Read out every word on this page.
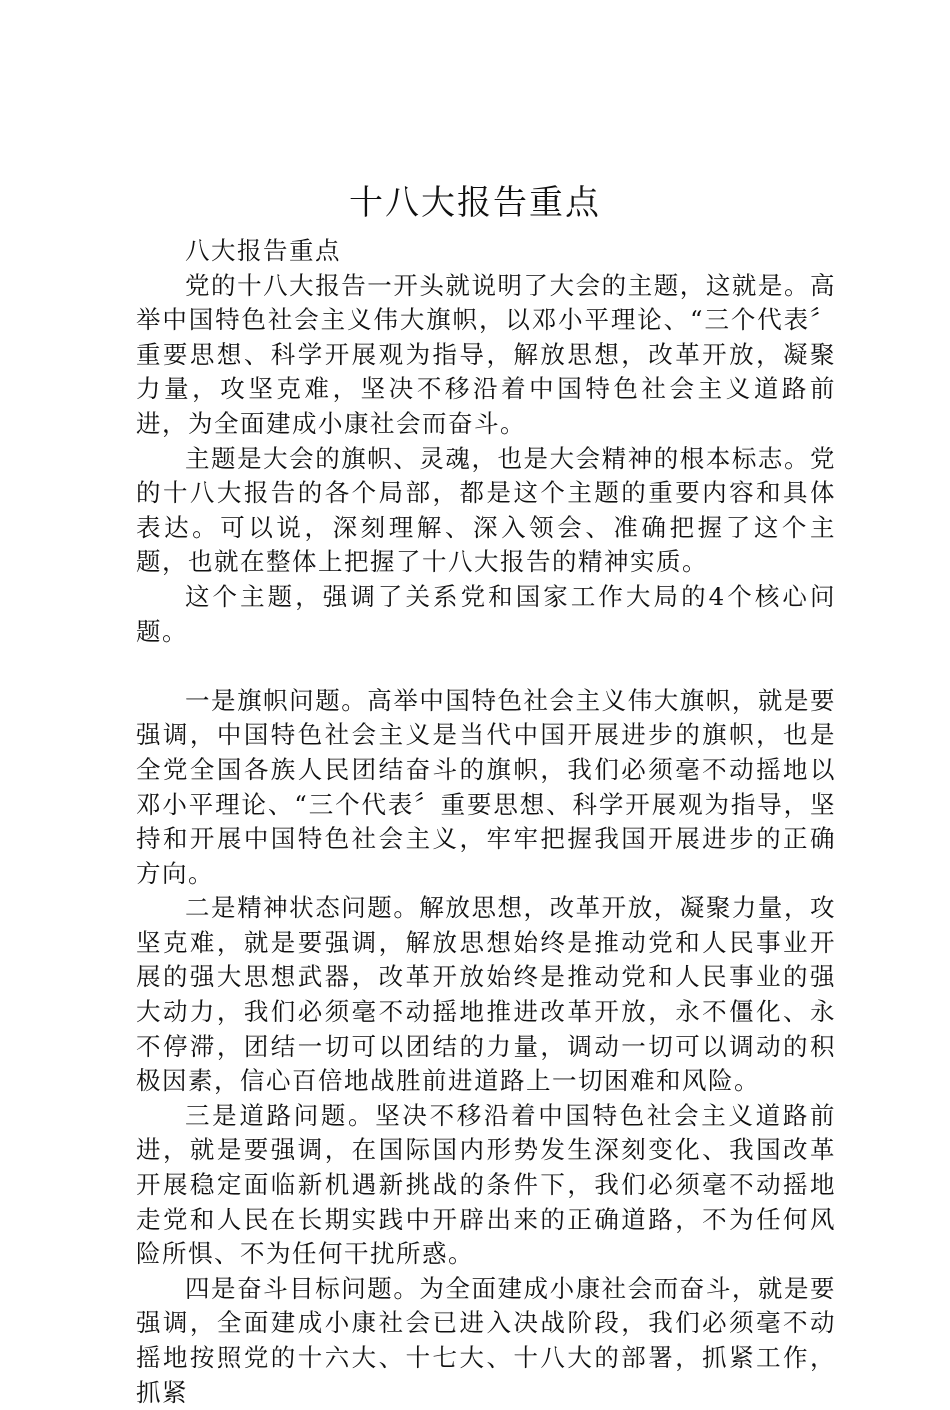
十八大报告重点

八大报告重点

党的十八大报告一开头就说明了大会的主题，这就是。高举中国特色社会主义伟大旗帜，以邓小平理论、“三个代表〞重要思想、科学开展观为指导，解放思想，改革开放，凝聚力量，攻坚克难，坚决不移沿着中国特色社会主义道路前进，为全面建成小康社会而奋斗。

主题是大会的旗帜、灵魂，也是大会精神的根本标志。党的十八大报告的各个局部，都是这个主题的重要内容和具体表达。可以说，深刻理解、深入领会、准确把握了这个主题，也就在整体上把握了十八大报告的精神实质。

这个主题，强调了关系党和国家工作大局的4个核心问题。

一是旗帜问题。高举中国特色社会主义伟大旗帜，就是要强调，中国特色社会主义是当代中国开展进步的旗帜，也是全党全国各族人民团结奋斗的旗帜，我们必须毫不动摇地以邓小平理论、“三个代表〞重要思想、科学开展观为指导，坚持和开展中国特色社会主义，牢牢把握我国开展进步的正确方向。

二是精神状态问题。解放思想，改革开放，凝聚力量，攻坚克难，就是要强调，解放思想始终是推动党和人民事业开展的强大思想武器，改革开放始终是推动党和人民事业的强大动力，我们必须毫不动摇地推进改革开放，永不僵化、永不停滞，团结一切可以团结的力量，调动一切可以调动的积极因素，信心百倍地战胜前进道路上一切困难和风险。

三是道路问题。坚决不移沿着中国特色社会主义道路前进，就是要强调，在国际国内形势发生深刻变化、我国改革开展稳定面临新机遇新挑战的条件下，我们必须毫不动摇地走党和人民在长期实践中开辟出来的正确道路，不为任何风险所惧、不为任何干扰所惑。

四是奋斗目标问题。为全面建成小康社会而奋斗，就是要强调，全面建成小康社会已进入决战阶段，我们必须毫不动摇地按照党的十六大、十七大、十八大的部署，抓紧工作，抓紧
